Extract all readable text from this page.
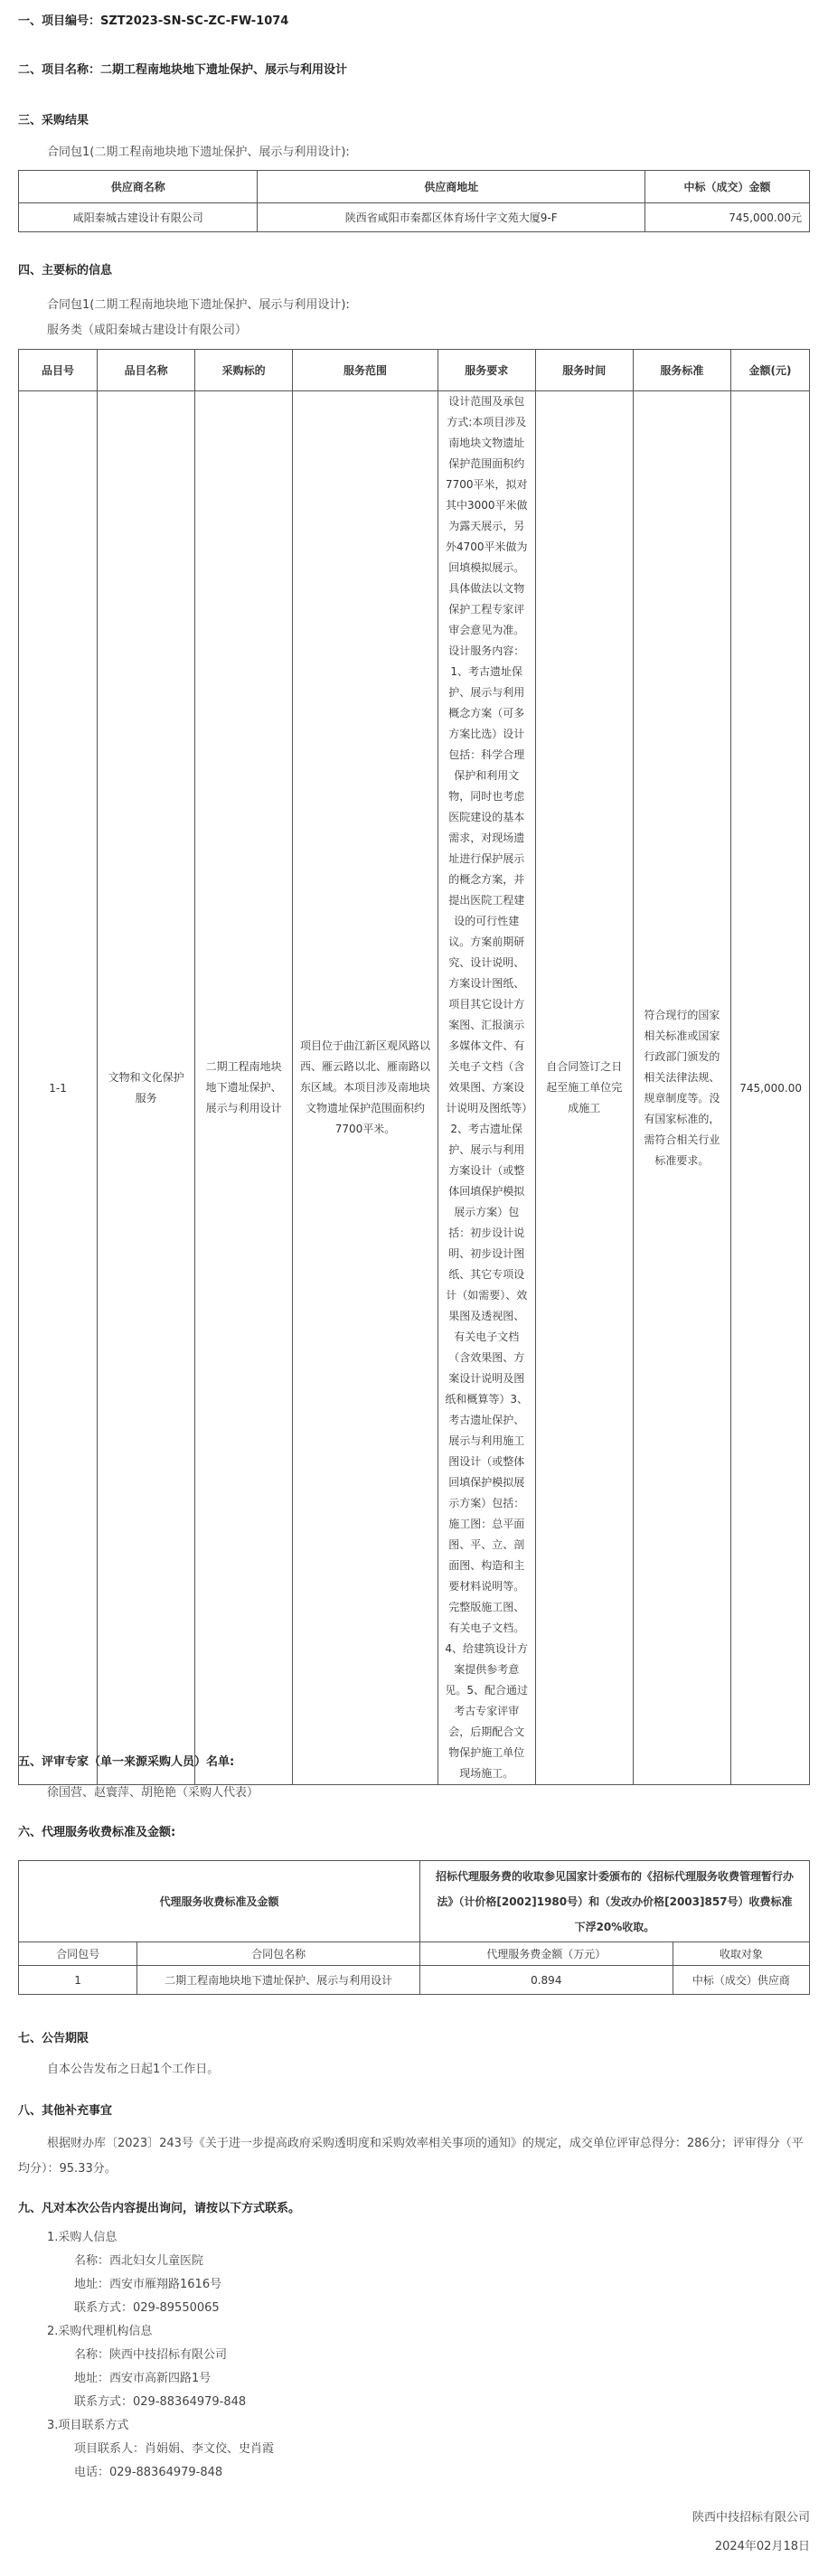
一、项目编号：SZT2023-SN-SC-ZC-FW-1074
二、项目名称：二期工程南地块地下遗址保护、展示与利用设计
三、采购结果
合同包1(二期工程南地块地下遗址保护、展示与利用设计):
供应商名称	供应商地址	中标（成交）金额
咸阳秦城古建设计有限公司	陕西省咸阳市秦都区体育场什字文苑大厦9-F	745,000.00元
四、主要标的信息
合同包1(二期工程南地块地下遗址保护、展示与利用设计):
服务类（咸阳秦城古建设计有限公司）
品目号	品目名称	采购标的	服务范围	服务要求	服务时间	服务标准	金额(元)
1-1	文物和文化保护服务	二期工程南地块地下遗址保护、展示与利用设计	项目位于曲江新区观风路以西、雁云路以北、雁南路以东区域。本项目涉及南地块文物遗址保护范围面积约7700平米。	设计范围及承包方式:本项目涉及南地块文物遗址保护范围面积约7700平米，拟对其中3000平米做为露天展示，另外4700平米做为回填模拟展示。具体做法以文物保护工程专家评审会意见为准。设计服务内容：1、考古遗址保护、展示与利用概念方案（可多方案比选）设计包括：科学合理保护和利用文物，同时也考虑医院建设的基本需求，对现场遗址进行保护展示的概念方案，并提出医院工程建设的可行性建议。方案前期研究、设计说明、方案设计图纸、项目其它设计方案图、汇报演示多媒体文件、有关电子文档（含效果图、方案设计说明及图纸等）2、考古遗址保护、展示与利用方案设计（或整体回填保护模拟展示方案）包括：初步设计说明、初步设计图纸、其它专项设计（如需要）、效果图及透视图、有关电子文档（含效果图、方案设计说明及图纸和概算等）3、考古遗址保护、展示与利用施工图设计（或整体回填保护模拟展示方案）包括：施工图：总平面图、平、立、剖面图、构造和主要材料说明等。完整版施工图、有关电子文档。4、给建筑设计方案提供参考意见。5、配合通过考古专家评审会，后期配合文物保护施工单位现场施工。	自合同签订之日起至施工单位完成施工	符合现行的国家相关标准或国家行政部门颁发的相关法律法规、规章制度等。没有国家标准的，需符合相关行业标准要求。	745,000.00
五、评审专家（单一来源采购人员）名单:
徐国营、赵寰萍、胡艳艳（采购人代表）
六、代理服务收费标准及金额:
代理服务收费标准及金额		招标代理服务费的收取参见国家计委颁布的《招标代理服务收费管理暂行办法》（计价格[2002]1980号）和（发改办价格[2003]857号）收费标准下浮20%收取。	
合同包号	合同包名称	代理服务费金额（万元）	收取对象
1	二期工程南地块地下遗址保护、展示与利用设计	0.894	中标（成交）供应商
七、公告期限
自本公告发布之日起1个工作日。
八、其他补充事宜
根据财办库〔2023〕243号《关于进一步提高政府采购透明度和采购效率相关事项的通知》的规定，成交单位评审总得分：286分；评审得分（平均分）：95.33分。
九、凡对本次公告内容提出询问，请按以下方式联系。
1.采购人信息
名称：西北妇女儿童医院
地址：西安市雁翔路1616号
联系方式：029-89550065
2.采购代理机构信息
名称：陕西中技招标有限公司
地址：西安市高新四路1号
联系方式：029-88364979-848
3.项目联系方式
项目联系人：肖娟娟、李文佼、史肖霞
电话：029-88364979-848
陕西中技招标有限公司
2024年02月18日
